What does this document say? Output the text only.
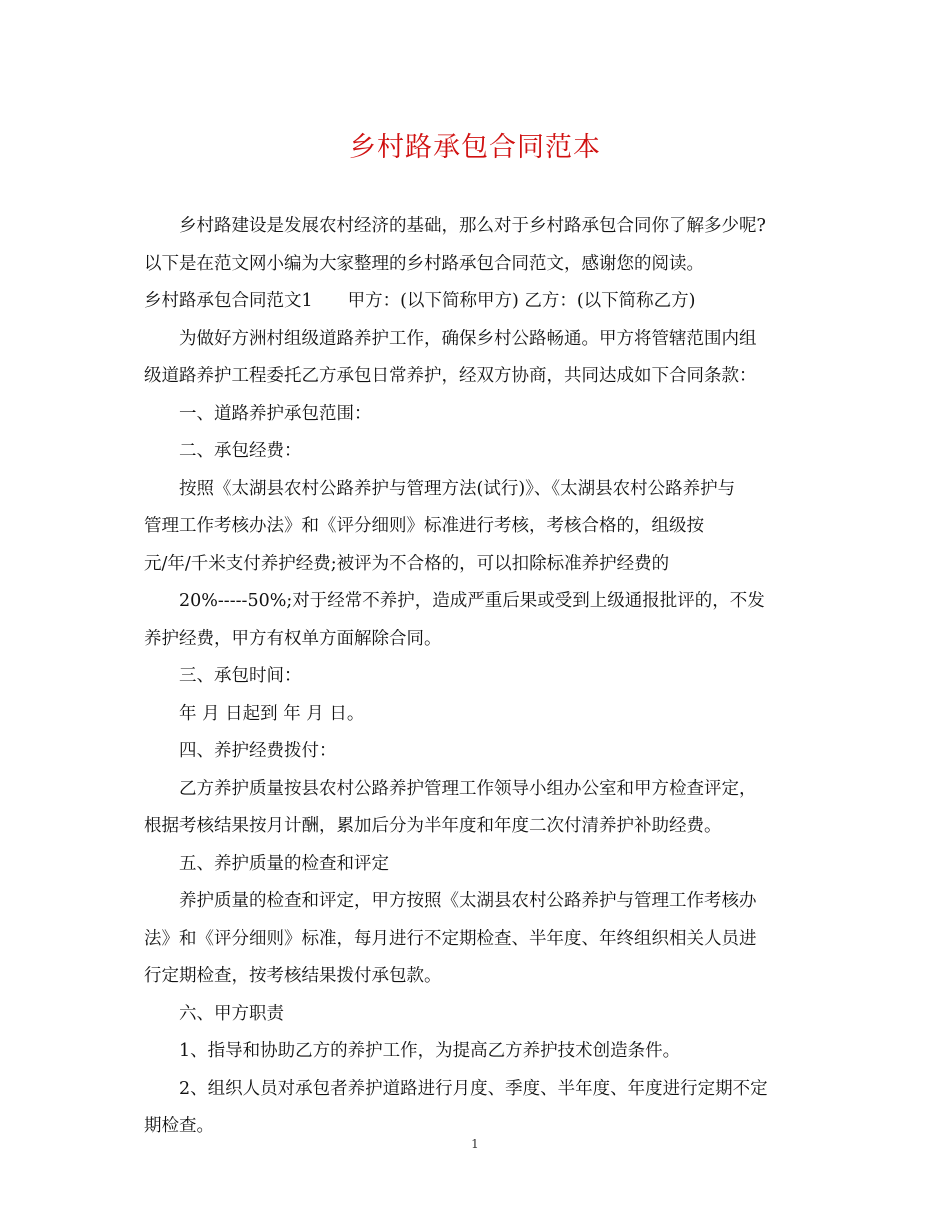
乡村路承包合同范本

乡村路建设是发展农村经济的基础，那么对于乡村路承包合同你了解多少呢?

以下是在范文网小编为大家整理的乡村路承包合同范文，感谢您的阅读。

乡村路承包合同范文1　　甲方：(以下简称甲方) 乙方：(以下简称乙方)

为做好方洲村组级道路养护工作，确保乡村公路畅通。甲方将管辖范围内组

级道路养护工程委托乙方承包日常养护，经双方协商，共同达成如下合同条款：

一、道路养护承包范围：

二、承包经费：

按照《太湖县农村公路养护与管理方法(试行)》、《太湖县农村公路养护与

管理工作考核办法》和《评分细则》标准进行考核，考核合格的，组级按

元/年/千米支付养护经费;被评为不合格的，可以扣除标准养护经费的

20%-----50%;对于经常不养护，造成严重后果或受到上级通报批评的，不发

养护经费，甲方有权单方面解除合同。

三、承包时间：

年 月 日起到 年 月 日。

四、养护经费拨付：

乙方养护质量按县农村公路养护管理工作领导小组办公室和甲方检查评定，

根据考核结果按月计酬，累加后分为半年度和年度二次付清养护补助经费。

五、养护质量的检查和评定

养护质量的检查和评定，甲方按照《太湖县农村公路养护与管理工作考核办

法》和《评分细则》标准，每月进行不定期检查、半年度、年终组织相关人员进

行定期检查，按考核结果拨付承包款。

六、甲方职责

1、指导和协助乙方的养护工作，为提高乙方养护技术创造条件。

2、组织人员对承包者养护道路进行月度、季度、半年度、年度进行定期不定

期检查。

1
